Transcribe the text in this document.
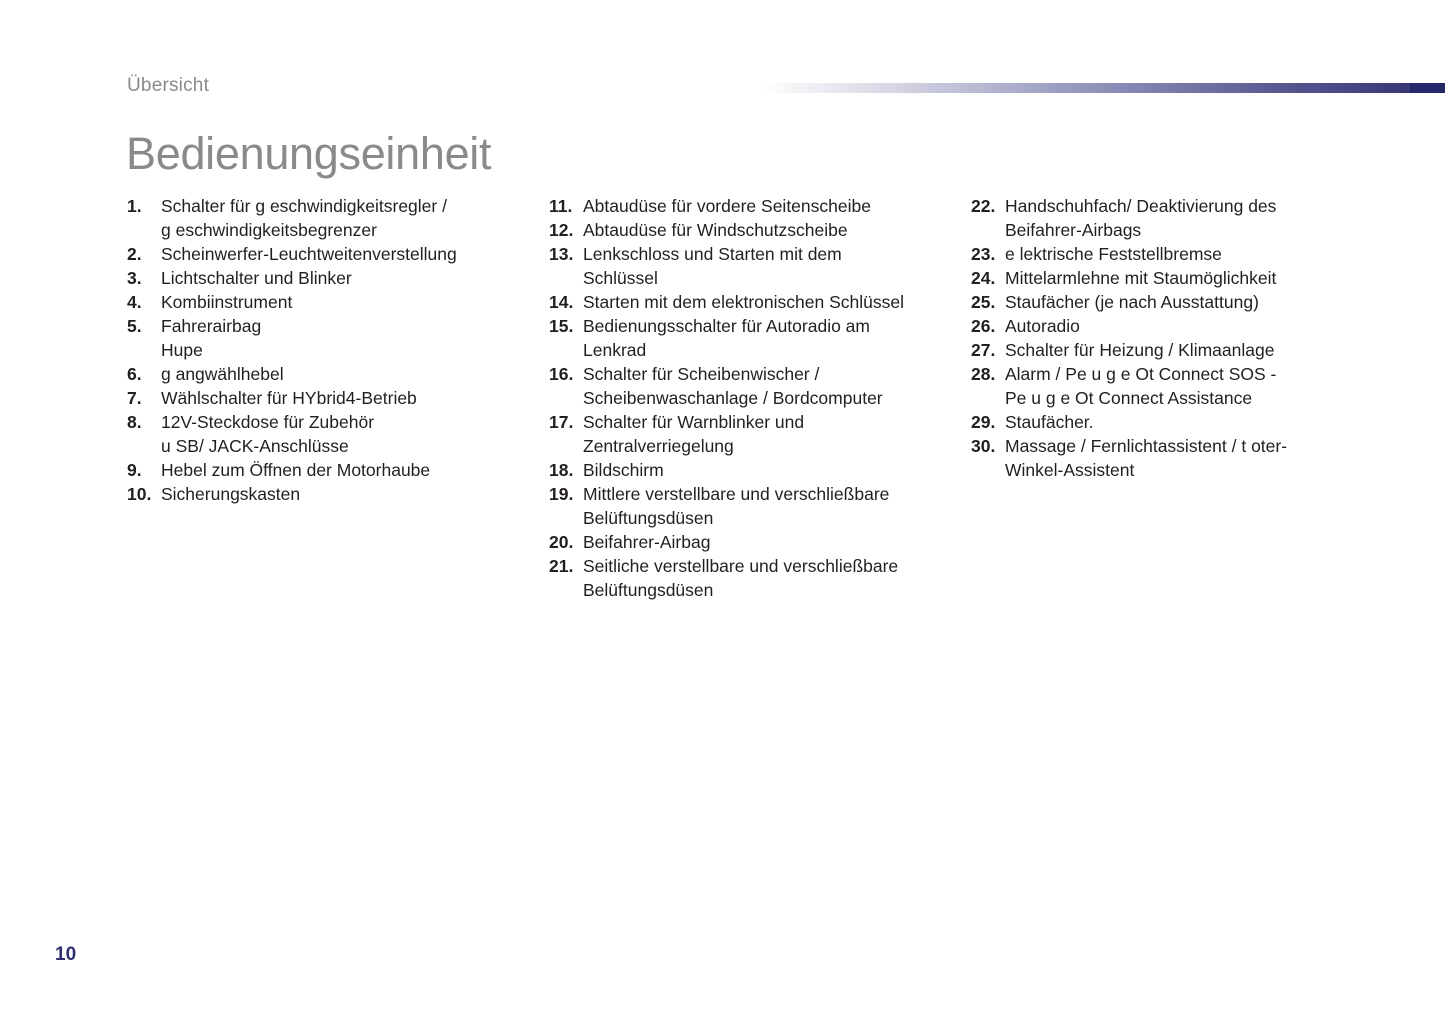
Übersicht
Bedienungseinheit
1.	Schalter für g eschwindigkeitsregler /
g eschwindigkeitsbegrenzer
2.	Scheinwerfer-Leuchtweitenverstellung
3.	Lichtschalter und Blinker
4.	Kombiinstrument
5.	Fahrerairbag
Hupe
6.	g angwählhebel
7.	Wählschalter für HYbrid4-Betrieb
8.	12V-Steckdose für Zubehör
u SB/ JACK-Anschlüsse
9.	Hebel zum Öffnen der Motorhaube
10. Sicherungskasten
11. Abtaudüse für vordere Seitenscheibe
12. Abtaudüse für Windschutzscheibe
13. Lenkschloss und Starten mit dem
Schlüssel
14. Starten mit dem elektronischen Schlüssel
15. Bedienungsschalter für Autoradio am
Lenkrad
16. Schalter für Scheibenwischer /
Scheibenwaschanlage / Bordcomputer
17. Schalter für Warnblinker und
Zentralverriegelung
18. Bildschirm
19. Mittlere verstellbare und verschließbare
Belüftungsdüsen
20. Beifahrer-Airbag
21. Seitliche verstellbare und verschließbare
Belüftungsdüsen
22. Handschuhfach/ Deaktivierung des
Beifahrer-Airbags
23. e lektrische Feststellbremse
24. Mittelarmlehne mit Staumöglichkeit
25. Staufächer (je nach Ausstattung)
26. Autoradio
27. Schalter für Heizung / Klimaanlage
28. Alarm / Pe u g e Ot Connect SOS -
Pe u g e Ot Connect Assistance
29. Staufächer.
30. Massage / Fernlichtassistent / t oter-
Winkel-Assistent
10
